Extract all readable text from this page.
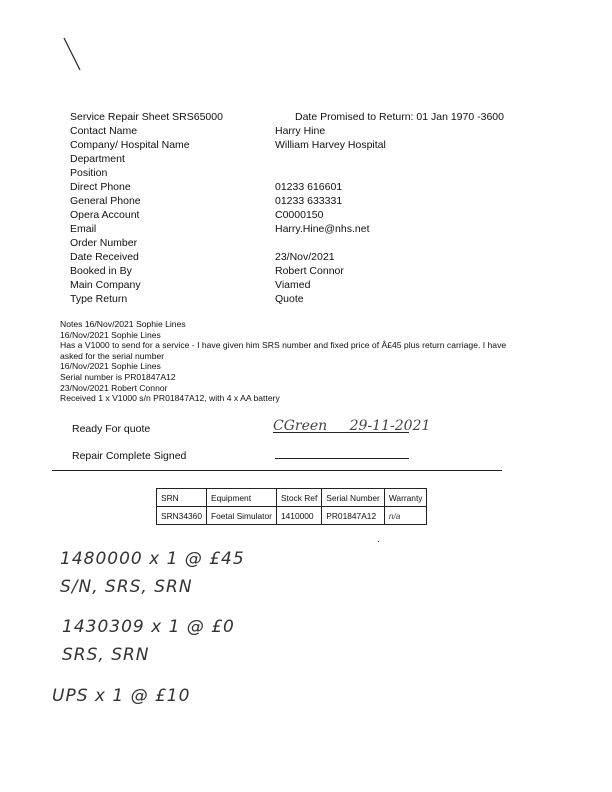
Service Repair Sheet SRS65000	Date Promised to Return: 01 Jan 1970 -3600
Contact Name	Harry Hine
Company/ Hospital Name	William Harvey Hospital
Department
Position
Direct Phone	01233 616601
General Phone	01233 633331
Opera Account	C0000150
Email	Harry.Hine@nhs.net
Order Number
Date Received	23/Nov/2021
Booked in By	Robert Connor
Main Company	Viamed
Type Return	Quote
Notes 16/Nov/2021 Sophie Lines
16/Nov/2021 Sophie Lines
Has a V1000 to send for a service - I have given him SRS number and fixed price of Â£45 plus return carriage. I have
asked for the serial number
16/Nov/2021 Sophie Lines
Serial number is PR01847A12
23/Nov/2021 Robert Connor
Received 1 x V1000 s/n PR01847A12, with 4 x AA battery
Ready For quote	CGreen 29-11-2021
Repair Complete Signed
SRN	Equipment	Stock Ref	Serial Number	Warranty
SRN34360	Foetal Simulator	1410000	PR01847A12	n/a
·
1480000 x 1 @ £45
S/N, SRS, SRN
1430309 x 1 @ £0
SRS, SRN
UPS x 1 @ £10
